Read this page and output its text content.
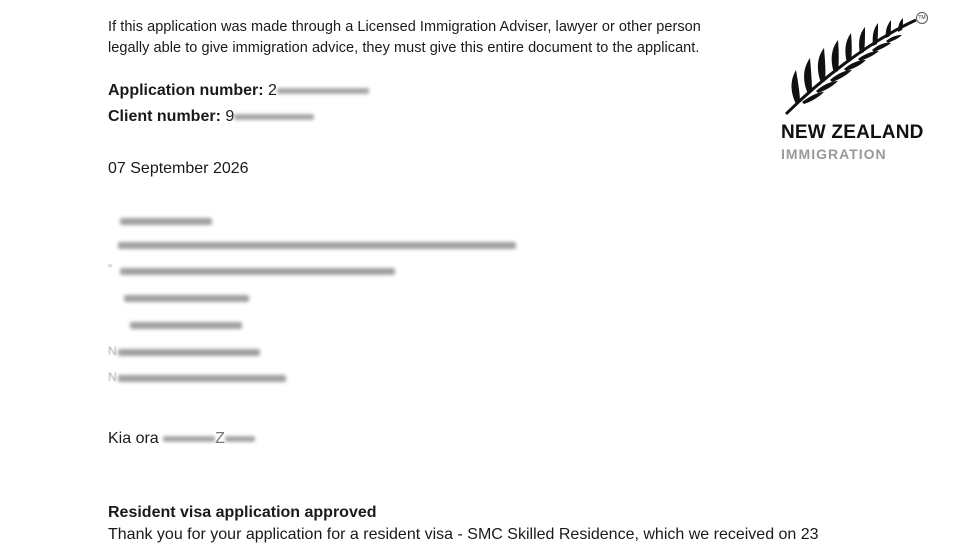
If this application was made through a Licensed Immigration Adviser, lawyer or other person
legally able to give immigration advice, they must give this entire document to the applicant.
Application number: 2
Client number: 9
07 September 2026
"
N
N
Kia ora	Z
Resident visa application approved
Thank you for your application for a resident visa - SMC Skilled Residence, which we received on 23
TM
NEW ZEALAND
IMMIGRATION
